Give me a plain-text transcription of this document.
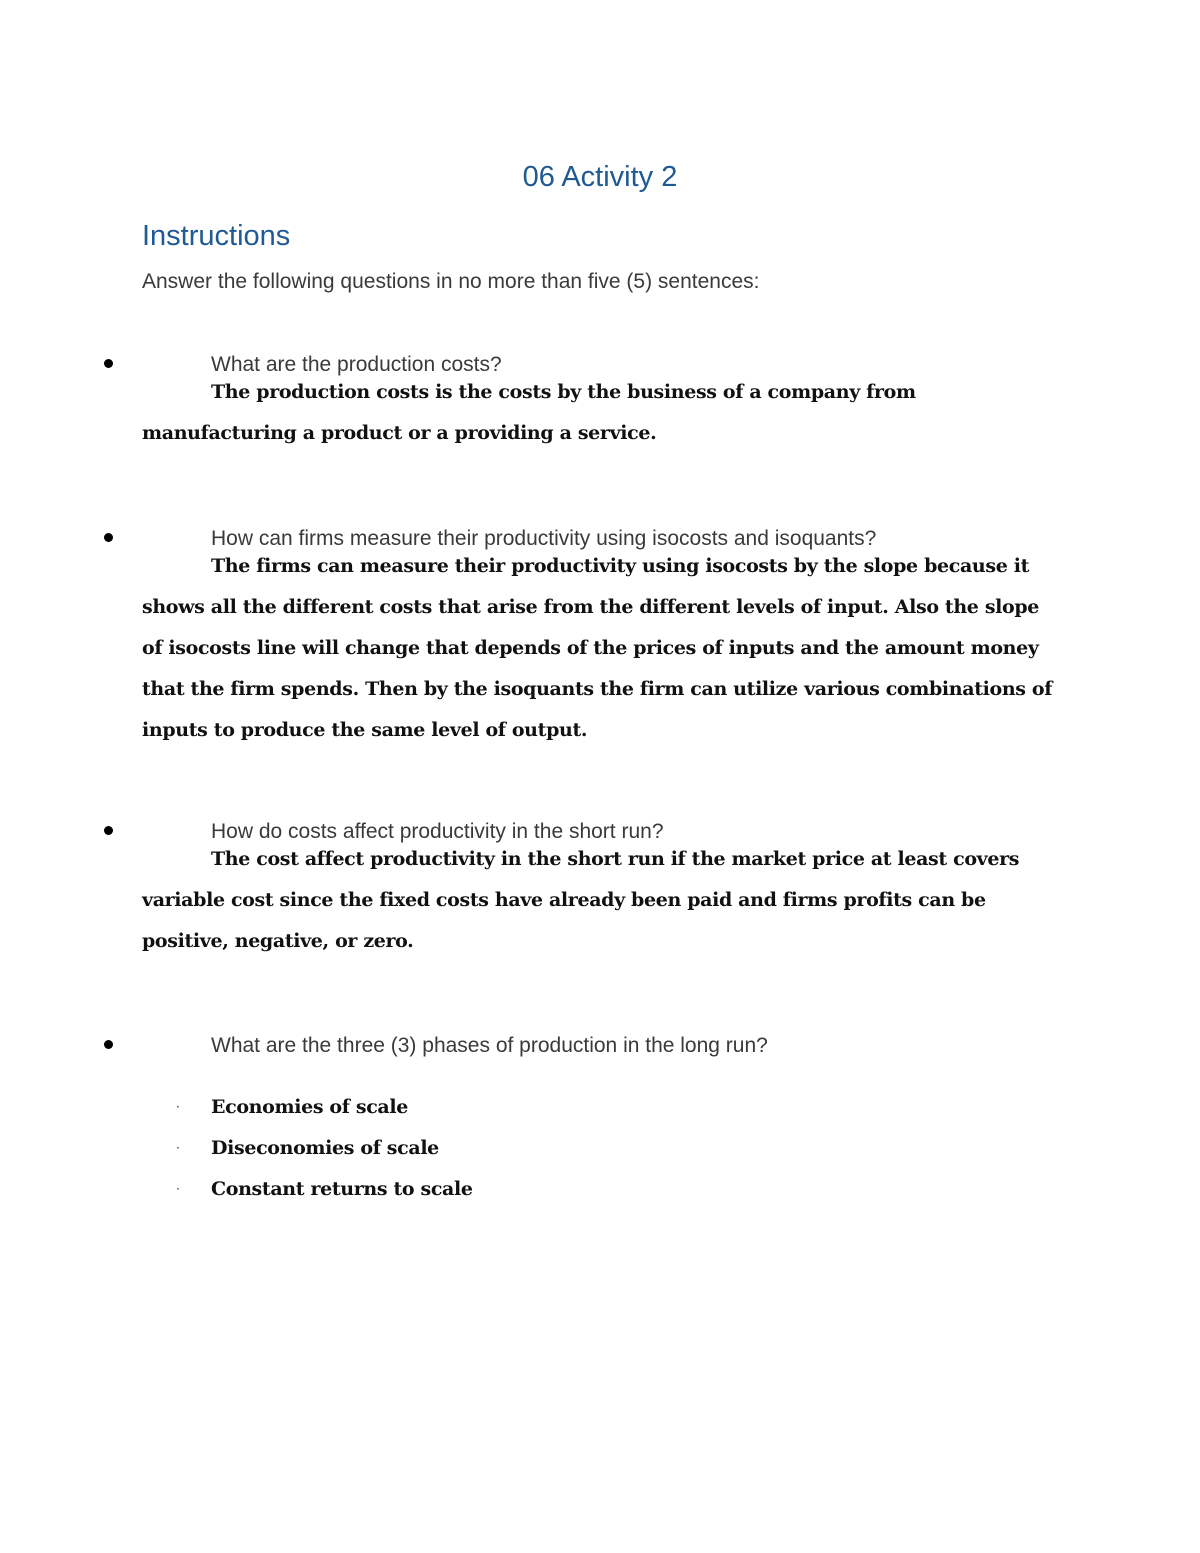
06 Activity 2
Instructions
Answer the following questions in no more than five (5) sentences:
What are the production costs?
The production costs is the costs by the business of a company from manufacturing a product or a providing a service.
How can firms measure their productivity using isocosts and isoquants?
The firms can measure their productivity using isocosts by the slope because it shows all the different costs that arise from the different levels of input. Also the slope of isocosts line will change that depends of the prices of inputs and the amount money that the firm spends. Then by the isoquants the firm can utilize various combinations of inputs to produce the same level of output.
How do costs affect productivity in the short run?
The cost affect productivity in the short run if the market price at least covers variable cost since the fixed costs have already been paid and firms profits can be positive, negative, or zero.
What are the three (3) phases of production in the long run?
· Economies of scale
· Diseconomies of scale
· Constant returns to scale
